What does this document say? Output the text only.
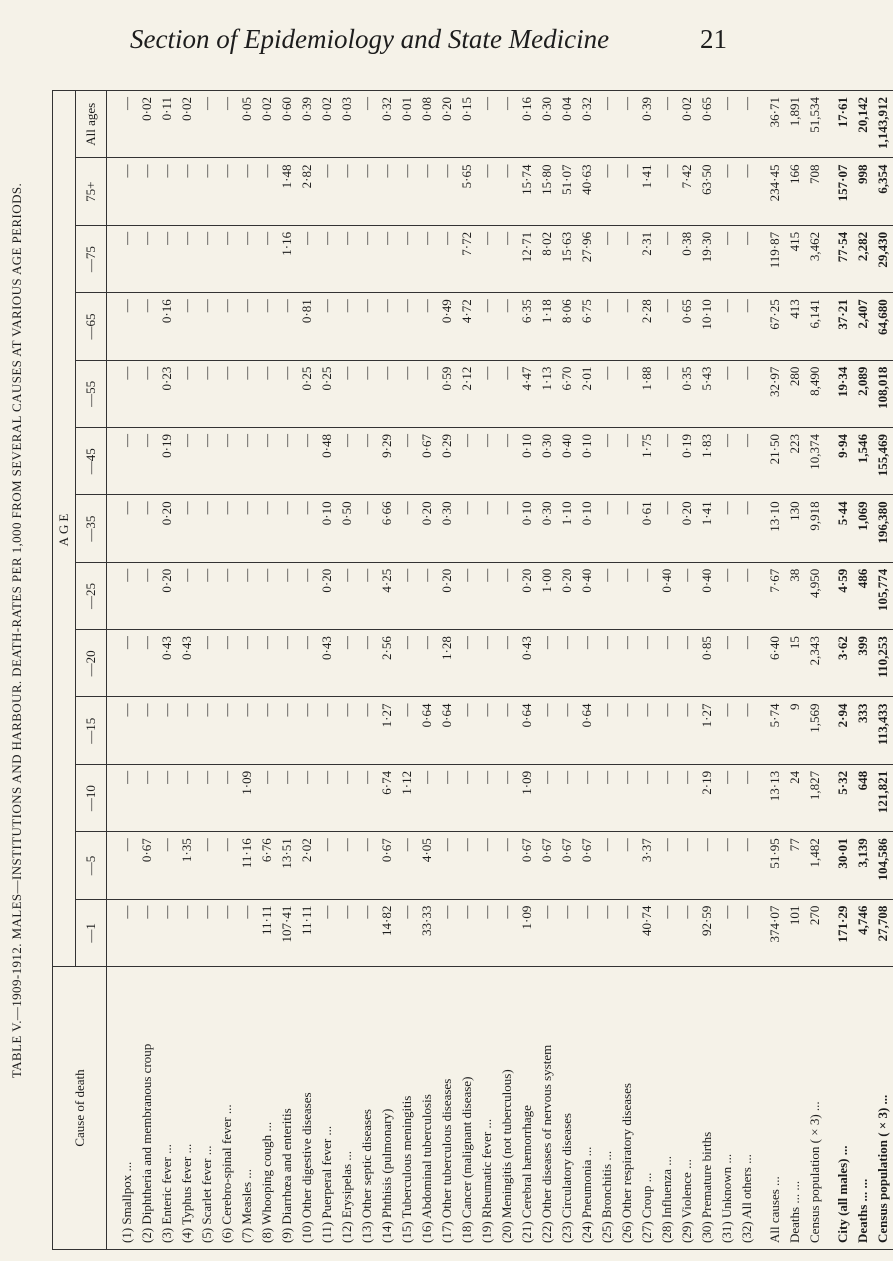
Section of Epidemiology and State Medicine	21
TABLE V.—1909-1912. MALES—INSTITUTIONS AND HARBOUR. DEATH-RATES PER 1,000 FROM SEVERAL CAUSES AT VARIOUS AGE PERIODS.
Cause of death	AGE												
	—1	—5	—10	—15	—20	—25	—35	—45	—55	—65	—75	75+	All ages
(1) Smallpox ...	—	—	—	—	—	—	—	—	—	—	—	—	—
(2) Diphtheria and membranous croup	—	0·67	—	—	—	—	—	—	—	—	—	—	0·02
(3) Enteric fever ...	—	—	—	—	0·43	0·20	0·20	0·19	0·23	0·16	—	—	0·11
(4) Typhus fever ...	—	1·35	—	—	0·43	—	—	—	—	—	—	—	0·02
(5) Scarlet fever ...	—	—	—	—	—	—	—	—	—	—	—	—	—
(6) Cerebro-spinal fever ...	—	—	—	—	—	—	—	—	—	—	—	—	—
(7) Measles ...	—	11·16	1·09	—	—	—	—	—	—	—	—	—	0·05
(8) Whooping cough ...	11·11	6·76	—	—	—	—	—	—	—	—	—	—	0·02
(9) Diarrhœa and enteritis	107·41	13·51	—	—	—	—	—	—	—	—	1·16	1·48	0·60
(10) Other digestive diseases	11·11	2·02	—	—	—	—	—	—	0·25	0·81	—	2·82	0·39
(11) Puerperal fever ...	—	—	—	—	0·43	0·20	0·10	0·48	0·25	—	—	—	0·02
(12) Erysipelas ...	—	—	—	—	—	—	0·50	—	—	—	—	—	0·03
(13) Other septic diseases	—	—	—	—	—	—	—	—	—	—	—	—	—
(14) Phthisis (pulmonary)	14·82	0·67	6·74	1·27	2·56	4·25	6·66	9·29	—	—	—	—	0·32
(15) Tuberculous meningitis	—	—	1·12	—	—	—	—	—	—	—	—	—	0·01
(16) Abdominal tuberculosis	33·33	4·05	—	0·64	—	—	0·20	0·67	—	—	—	—	0·08
(17) Other tuberculous diseases	—	—	—	0·64	1·28	0·20	0·30	0·29	0·59	0·49	—	—	0·20
(18) Cancer (malignant disease)	—	—	—	—	—	—	—	—	2·12	4·72	7·72	5·65	0·15
(19) Rheumatic fever ...	—	—	—	—	—	—	—	—	—	—	—	—	—
(20) Meningitis (not tuberculous)	—	—	—	—	—	—	—	—	—	—	—	—	—
(21) Cerebral hæmorrhage	1·09	0·67	1·09	0·64	0·43	0·20	0·10	0·10	4·47	6·35	12·71	15·74	0·16
(22) Other diseases of nervous system	—	0·67	—	—	—	1·00	0·30	0·30	1·13	1·18	8·02	15·80	0·30
(23) Circulatory diseases	—	0·67	—	—	—	0·20	1·10	0·40	6·70	8·06	15·63	51·07	0·04
(24) Pneumonia ...	—	0·67	—	0·64	—	0·40	0·10	0·10	2·01	6·75	27·96	40·63	0·32
(25) Bronchitis ...	—	—	—	—	—	—	—	—	—	—	—	—	—
(26) Other respiratory diseases	—	—	—	—	—	—	—	—	—	—	—	—	—
(27) Croup ...	40·74	3·37	—	—	—	—	0·61	1·75	1·88	2·28	2·31	1·41	0·39
(28) Influenza ...	—	—	—	—	—	0·40	—	—	—	—	—	—	—
(29) Violence ...	—	—	—	—	—	—	0·20	0·19	0·35	0·65	0·38	7·42	0·02
(30) Premature births	92·59	—	2·19	1·27	0·85	0·40	1·41	1·83	5·43	10·10	19·30	63·50	0·65
(31) Unknown ...	—	—	—	—	—	—	—	—	—	—	—	—	—
(32) All others ...	—	—	—	—	—	—	—	—	—	—	—	—	—

All causes ...	374·07	51·95	13·13	5·74	6·40	7·67	13·10	21·50	32·97	67·25	119·87	234·45	36·71
Deaths ... ...	101	77	24	9	15	38	130	223	280	413	415	166	1,891
Census population ( × 3) ...	270	1,482	1,827	1,569	2,343	4,950	9,918	10,374	8,490	6,141	3,462	708	51,534

City (all males) ...	171·29	30·01	5·32	2·94	3·62	4·59	5·44	9·94	19·34	37·21	77·54	157·07	17·61
Deaths ... ...	4,746	3,139	648	333	399	486	1,069	1,546	2,089	2,407	2,282	998	20,142
Census population ( × 3) ...	27,708	104,586	121,821	113,433	110,253	105,774	196,380	155,469	108,018	64,680	29,430	6,354	1,143,912
